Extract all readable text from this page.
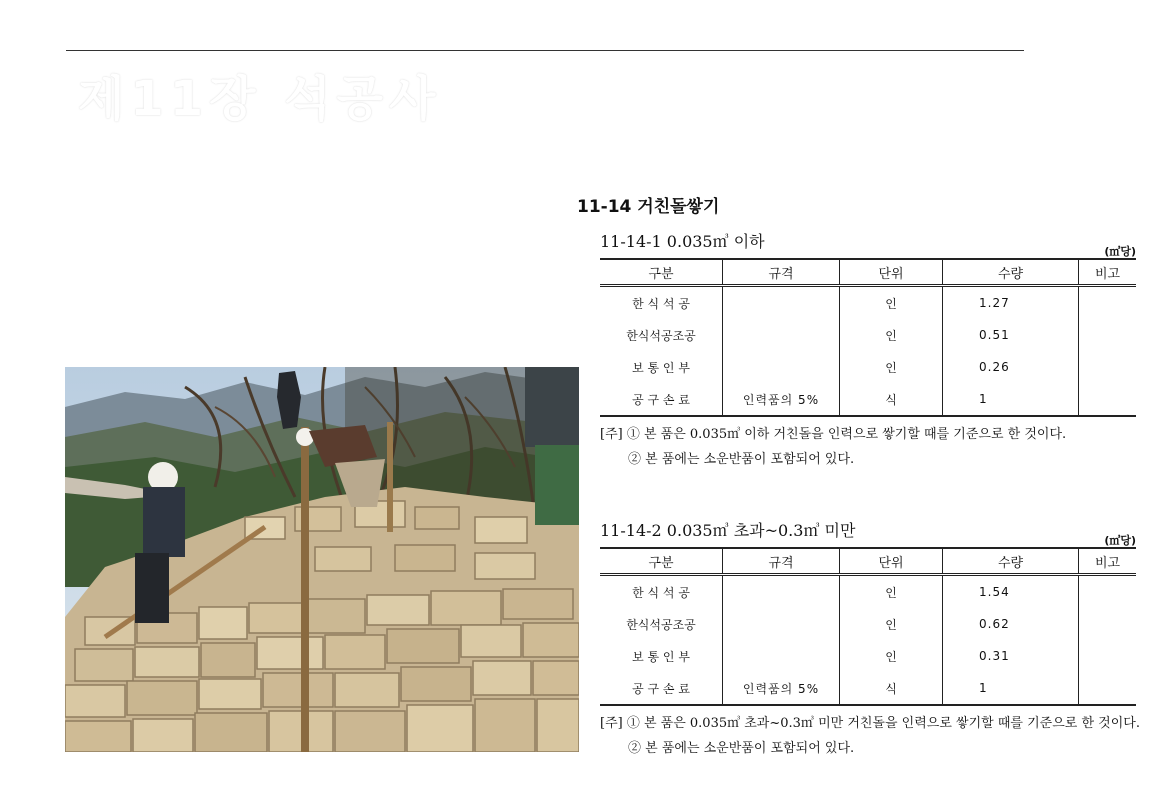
제11장 석공사
11-14 거친돌쌓기
11-14-1 0.035㎥ 이하
(㎥당)
구분	규격	단위	수량	비고
한 식 석 공		인	1.27	
한식석공조공		인	0.51	
보 통 인 부		인	0.26	
공 구 손 료	인력품의 5%	식	1	
[주] ① 본 품은 0.035㎥ 이하 거친돌을 인력으로 쌓기할 때를 기준으로 한 것이다.
② 본 품에는 소운반품이 포함되어 있다.
11-14-2 0.035㎥ 초과~0.3㎥ 미만
(㎥당)
구분	규격	단위	수량	비고
한 식 석 공		인	1.54	
한식석공조공		인	0.62	
보 통 인 부		인	0.31	
공 구 손 료	인력품의 5%	식	1	
[주] ① 본 품은 0.035㎥ 초과~0.3㎥ 미만 거친돌을 인력으로 쌓기할 때를 기준으로 한 것이다.
② 본 품에는 소운반품이 포함되어 있다.
